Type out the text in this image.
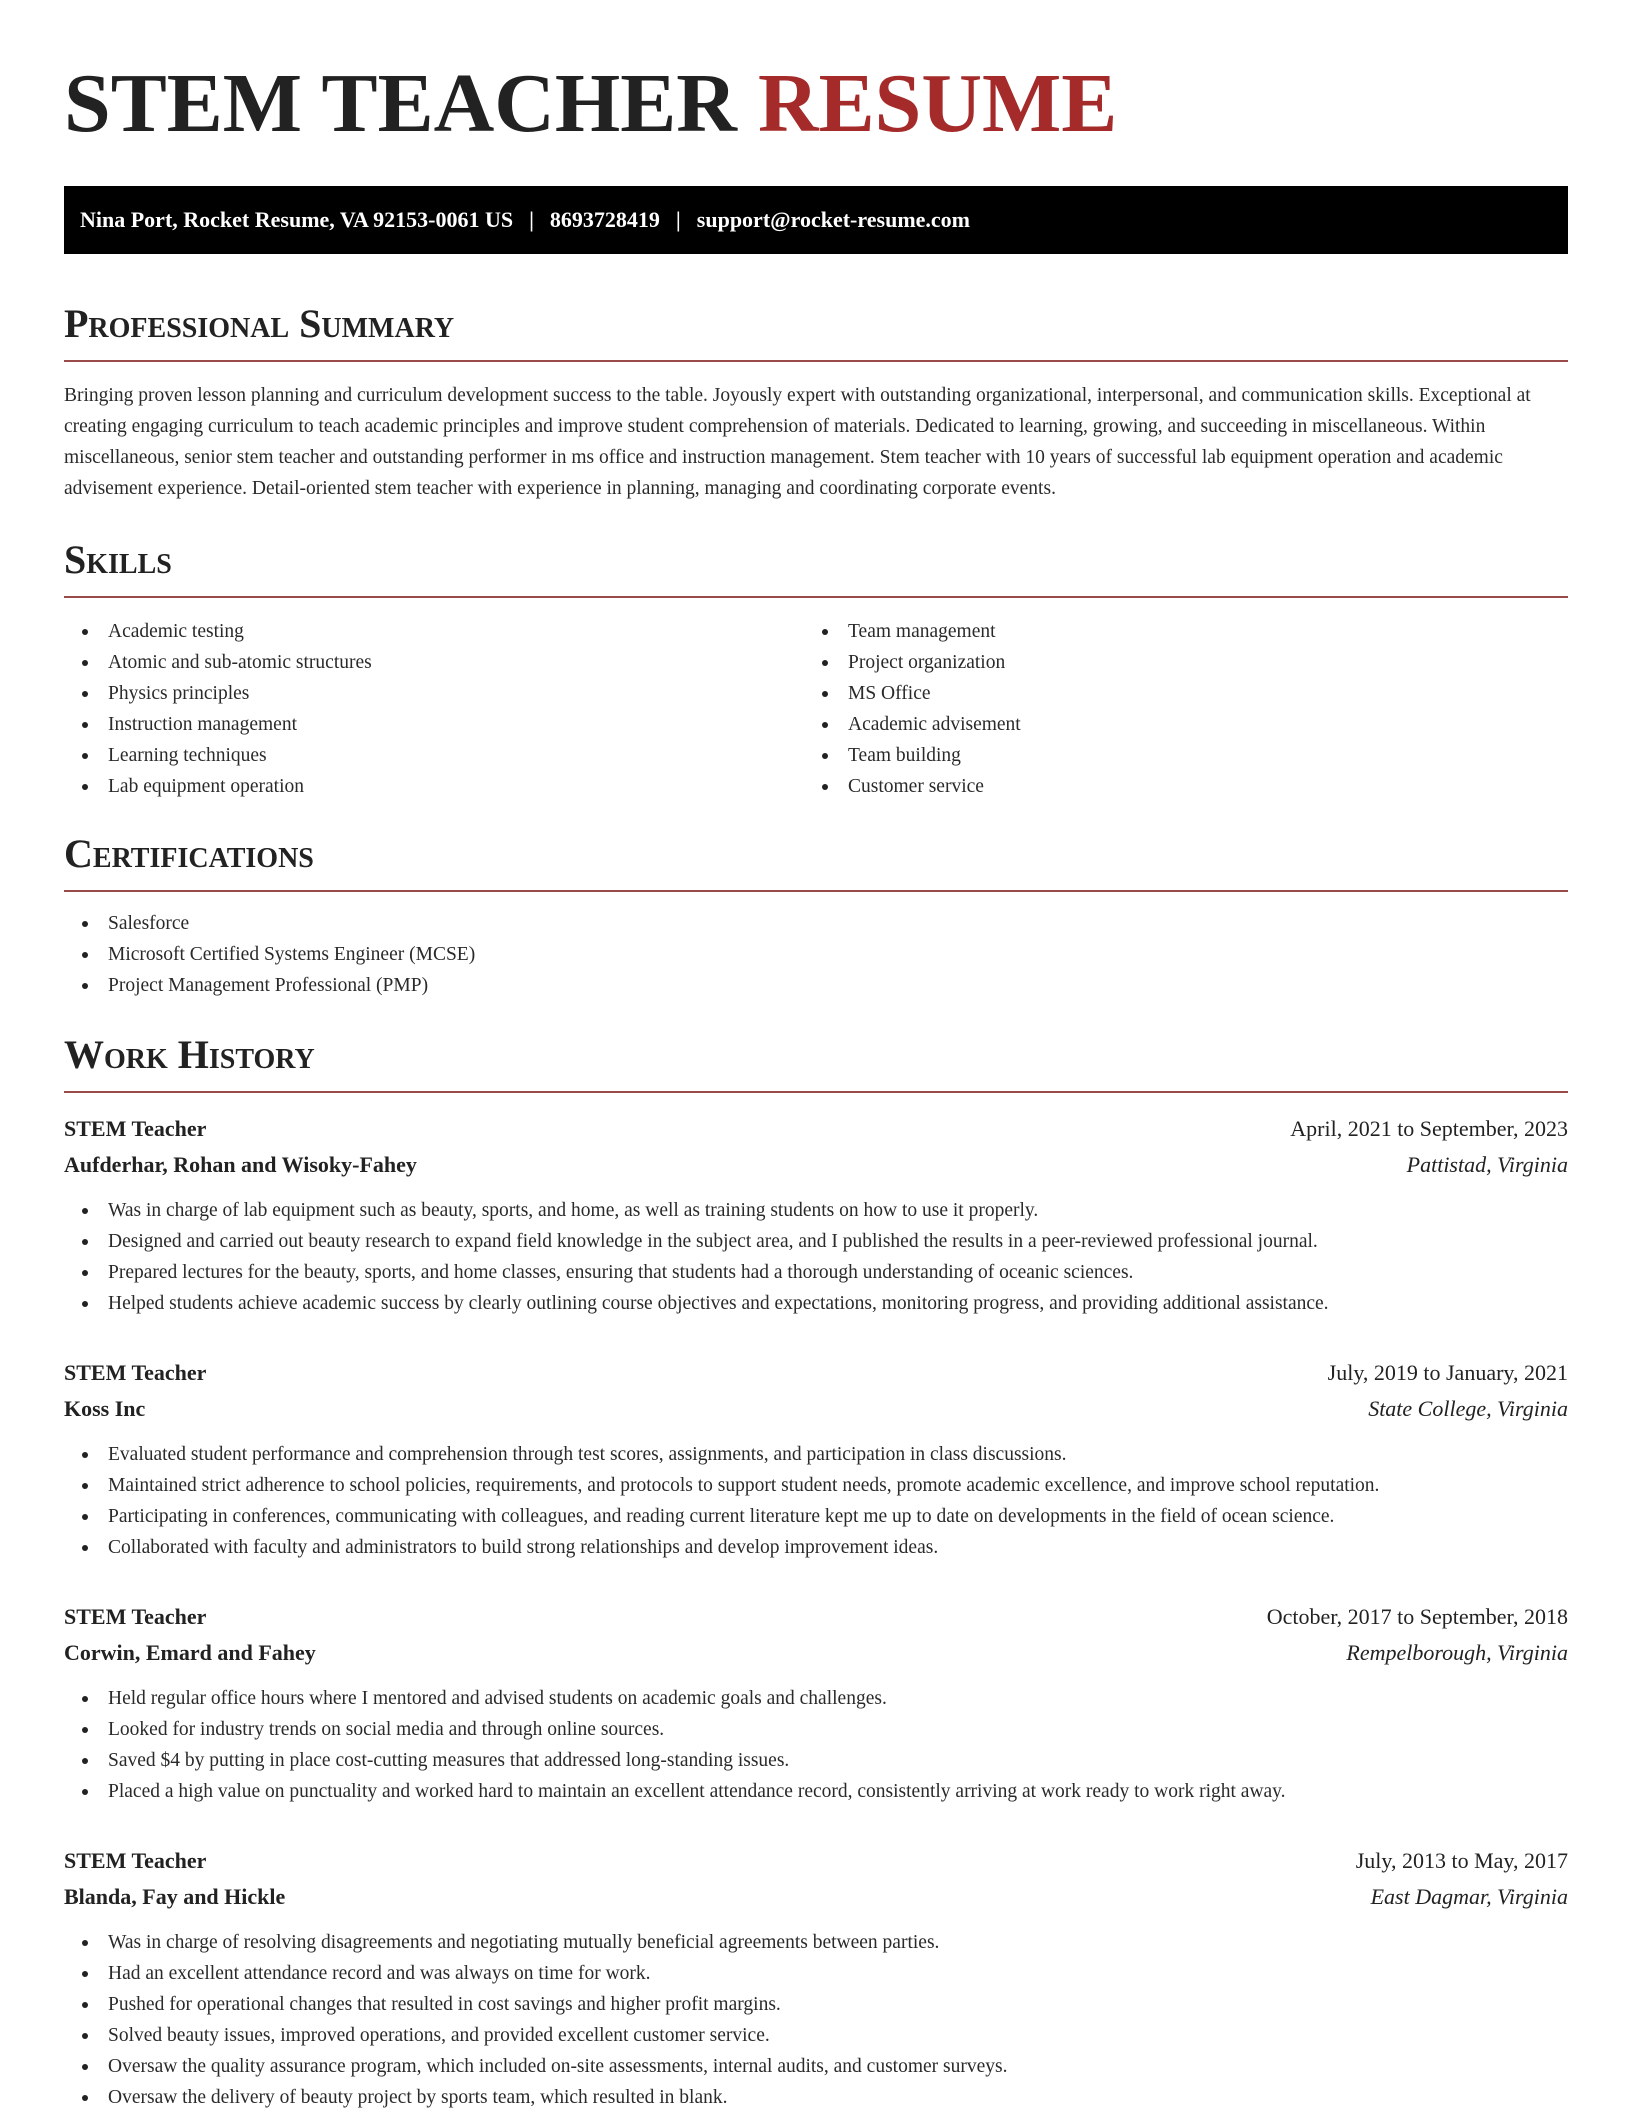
STEM TEACHER RESUME
Nina Port, Rocket Resume, VA 92153-0061 US | 8693728419 | support@rocket-resume.com
Professional Summary

Bringing proven lesson planning and curriculum development success to the table. Joyously expert with outstanding organizational, interpersonal, and communication skills. Exceptional at creating engaging curriculum to teach academic principles and improve student comprehension of materials. Dedicated to learning, growing, and succeeding in miscellaneous. Within miscellaneous, senior stem teacher and outstanding performer in ms office and instruction management. Stem teacher with 10 years of successful lab equipment operation and academic advisement experience. Detail-oriented stem teacher with experience in planning, managing and coordinating corporate events.

Skills
Academic testing
Atomic and sub-atomic structures
Physics principles
Instruction management
Learning techniques
Lab equipment operation
Team management
Project organization
MS Office
Academic advisement
Team building
Customer service
Certifications
Salesforce
Microsoft Certified Systems Engineer (MCSE)
Project Management Professional (PMP)
Work History
STEM Teacher	April, 2021 to September, 2023
Aufderhar, Rohan and Wisoky-Fahey	Pattistad, Virginia
Was in charge of lab equipment such as beauty, sports, and home, as well as training students on how to use it properly.
Designed and carried out beauty research to expand field knowledge in the subject area, and I published the results in a peer-reviewed professional journal.
Prepared lectures for the beauty, sports, and home classes, ensuring that students had a thorough understanding of oceanic sciences.
Helped students achieve academic success by clearly outlining course objectives and expectations, monitoring progress, and providing additional assistance.
STEM Teacher	July, 2019 to January, 2021
Koss Inc	State College, Virginia
Evaluated student performance and comprehension through test scores, assignments, and participation in class discussions.
Maintained strict adherence to school policies, requirements, and protocols to support student needs, promote academic excellence, and improve school reputation.
Participating in conferences, communicating with colleagues, and reading current literature kept me up to date on developments in the field of ocean science.
Collaborated with faculty and administrators to build strong relationships and develop improvement ideas.
STEM Teacher	October, 2017 to September, 2018
Corwin, Emard and Fahey	Rempelborough, Virginia
Held regular office hours where I mentored and advised students on academic goals and challenges.
Looked for industry trends on social media and through online sources.
Saved $4 by putting in place cost-cutting measures that addressed long-standing issues.
Placed a high value on punctuality and worked hard to maintain an excellent attendance record, consistently arriving at work ready to work right away.
STEM Teacher	July, 2013 to May, 2017
Blanda, Fay and Hickle	East Dagmar, Virginia
Was in charge of resolving disagreements and negotiating mutually beneficial agreements between parties.
Had an excellent attendance record and was always on time for work.
Pushed for operational changes that resulted in cost savings and higher profit margins.
Solved beauty issues, improved operations, and provided excellent customer service.
Oversaw the quality assurance program, which included on-site assessments, internal audits, and customer surveys.
Oversaw the delivery of beauty project by sports team, which resulted in blank.
